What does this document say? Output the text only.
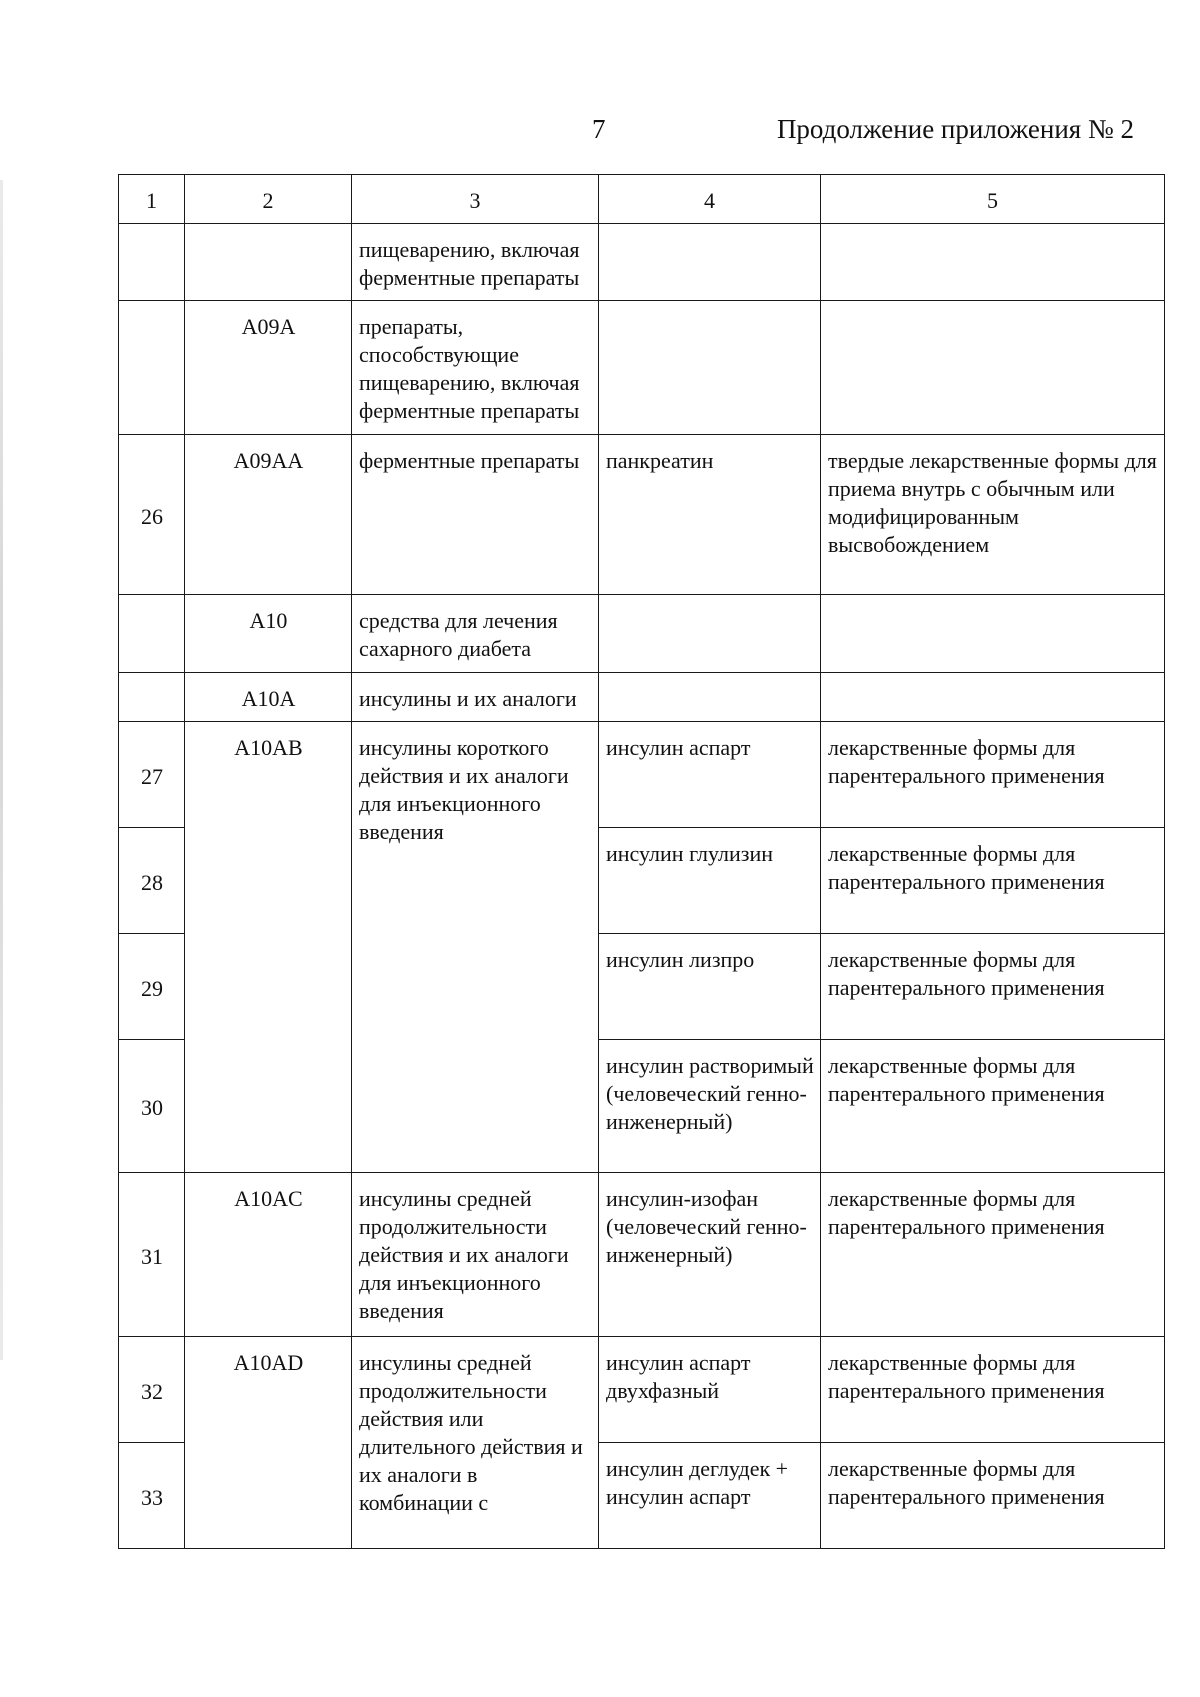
7	Продолжение приложения № 2
1	2	3	4	5
		пищеварению, включая ферментные препараты		
	A09A	препараты, способствующие пищеварению, включая ферментные препараты		
26	A09AA	ферментные препараты	панкреатин	твердые лекарственные формы для приема внутрь с обычным или модифицированным высвобождением
	A10	средства для лечения сахарного диабета		
	A10A	инсулины и их аналоги		
27	A10AB	инсулины короткого действия и их аналоги для инъекционного введения	инсулин аспарт	лекарственные формы для парентерального применения
28			инсулин глулизин	лекарственные формы для парентерального применения
29			инсулин лизпро	лекарственные формы для парентерального применения
30			инсулин растворимый (человеческий генно-инженерный)	лекарственные формы для парентерального применения
31	A10AC	инсулины средней продолжительности действия и их аналоги для инъекционного введения	инсулин-изофан (человеческий генно-инженерный)	лекарственные формы для парентерального применения
32	A10AD	инсулины средней продолжительности действия или длительного действия и их аналоги в комбинации с	инсулин аспарт двухфазный	лекарственные формы для парентерального применения
33			инсулин деглудек + инсулин аспарт	лекарственные формы для парентерального применения
